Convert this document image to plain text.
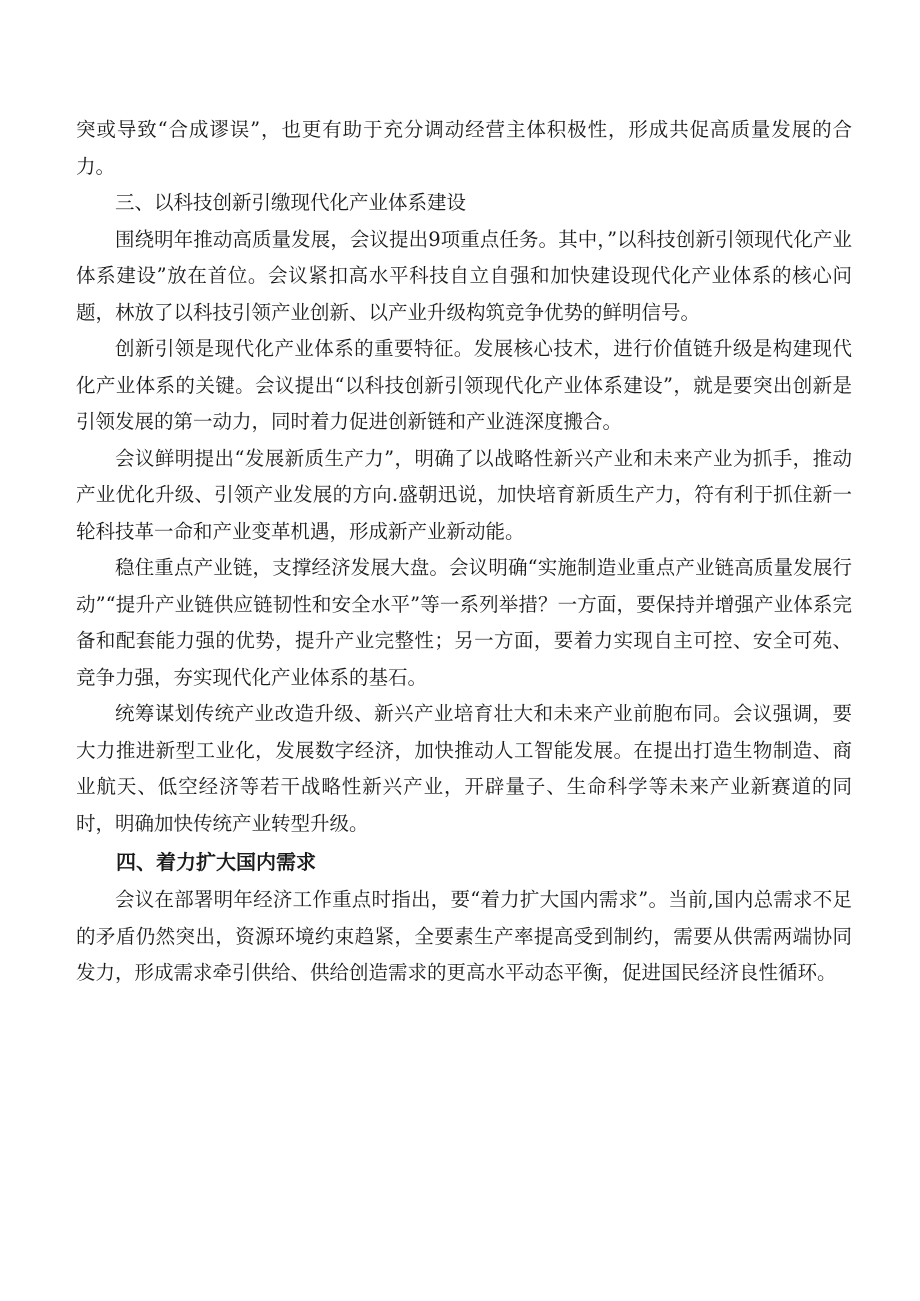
突或导致“合成谬误”，也更有助于充分调动经营主体积极性，形成共促高质量发展的合力。

三、以科技创新引缴现代化产业体系建设

围绕明年推动高质量发展，会议提出9项重点任务。其中，”以科技创新引领现代化产业体系建设”放在首位。会议紧扣高水平科技自立自强和加快建设现代化产业体系的核心问题，林放了以科技引领产业创新、以产业升级构筑竞争优势的鲜明信号。

创新引领是现代化产业体系的重要特征。发展核心技术，进行价值链升级是构建现代化产业体系的关键。会议提出“以科技创新引领现代化产业体系建设”，就是要突出创新是引领发展的第一动力，同时着力促进创新链和产业涟深度搬合。

会议鲜明提出“发展新质生产力”，明确了以战略性新兴产业和未来产业为抓手，推动产业优化升级、引领产业发展的方向.盛朝迅说，加快培育新质生产力，符有利于抓住新一轮科技革一命和产业变革机遇，形成新产业新动能。

稳住重点产业链，支撑经济发展大盘。会议明确“实施制造业重点产业链高质量发展行动”“提升产业链供应链韧性和安全水平”等一系列举措？一方面，要保持并增强产业体系完备和配套能力强的优势，提升产业完整性；另一方面，要着力实现自主可控、安全可苑、竞争力强，夯实现代化产业体系的基石。

统筹谋划传统产业改造升级、新兴产业培育壮大和未来产业前胞布同。会议强调，要大力推进新型工业化，发展数字经济，加快推动人工智能发展。在提出打造生物制造、商业航天、低空经济等若干战略性新兴产业，开辟量子、生命科学等未来产业新赛道的同时，明确加快传统产业转型升级。

四、着力扩大国内需求

会议在部署明年经济工作重点时指出，要“着力扩大国内需求”。当前,国内总需求不足的矛盾仍然突出，资源环境约束趋紧，全要素生产率提高受到制约，需要从供需两端协同发力，形成需求牵引供给、供给创造需求的更高水平动态平衡，促进国民经济良性循环。
